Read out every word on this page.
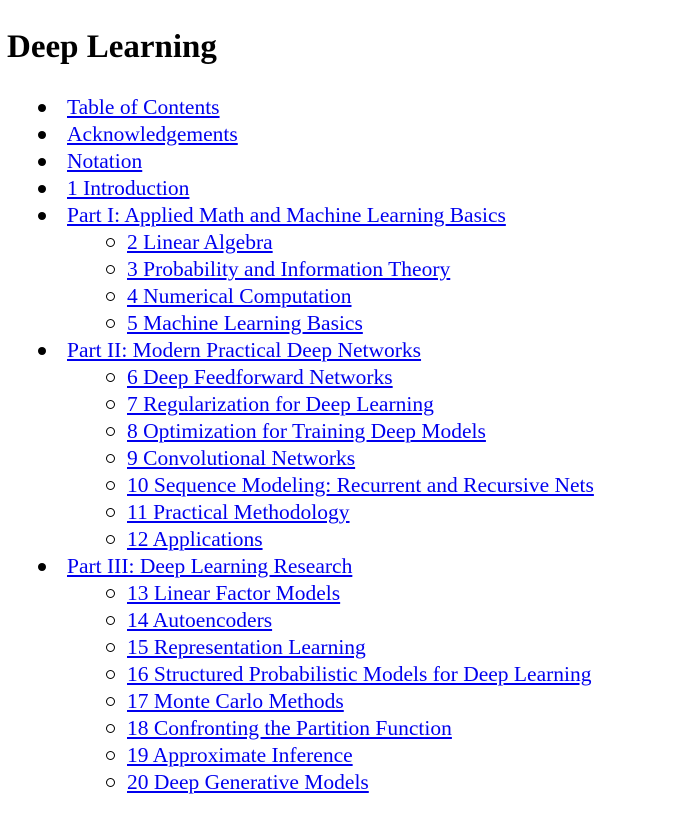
Deep Learning
Table of Contents
Acknowledgements
Notation
1 Introduction
Part I: Applied Math and Machine Learning Basics
2 Linear Algebra
3 Probability and Information Theory
4 Numerical Computation
5 Machine Learning Basics
Part II: Modern Practical Deep Networks
6 Deep Feedforward Networks
7 Regularization for Deep Learning
8 Optimization for Training Deep Models
9 Convolutional Networks
10 Sequence Modeling: Recurrent and Recursive Nets
11 Practical Methodology
12 Applications
Part III: Deep Learning Research
13 Linear Factor Models
14 Autoencoders
15 Representation Learning
16 Structured Probabilistic Models for Deep Learning
17 Monte Carlo Methods
18 Confronting the Partition Function
19 Approximate Inference
20 Deep Generative Models
